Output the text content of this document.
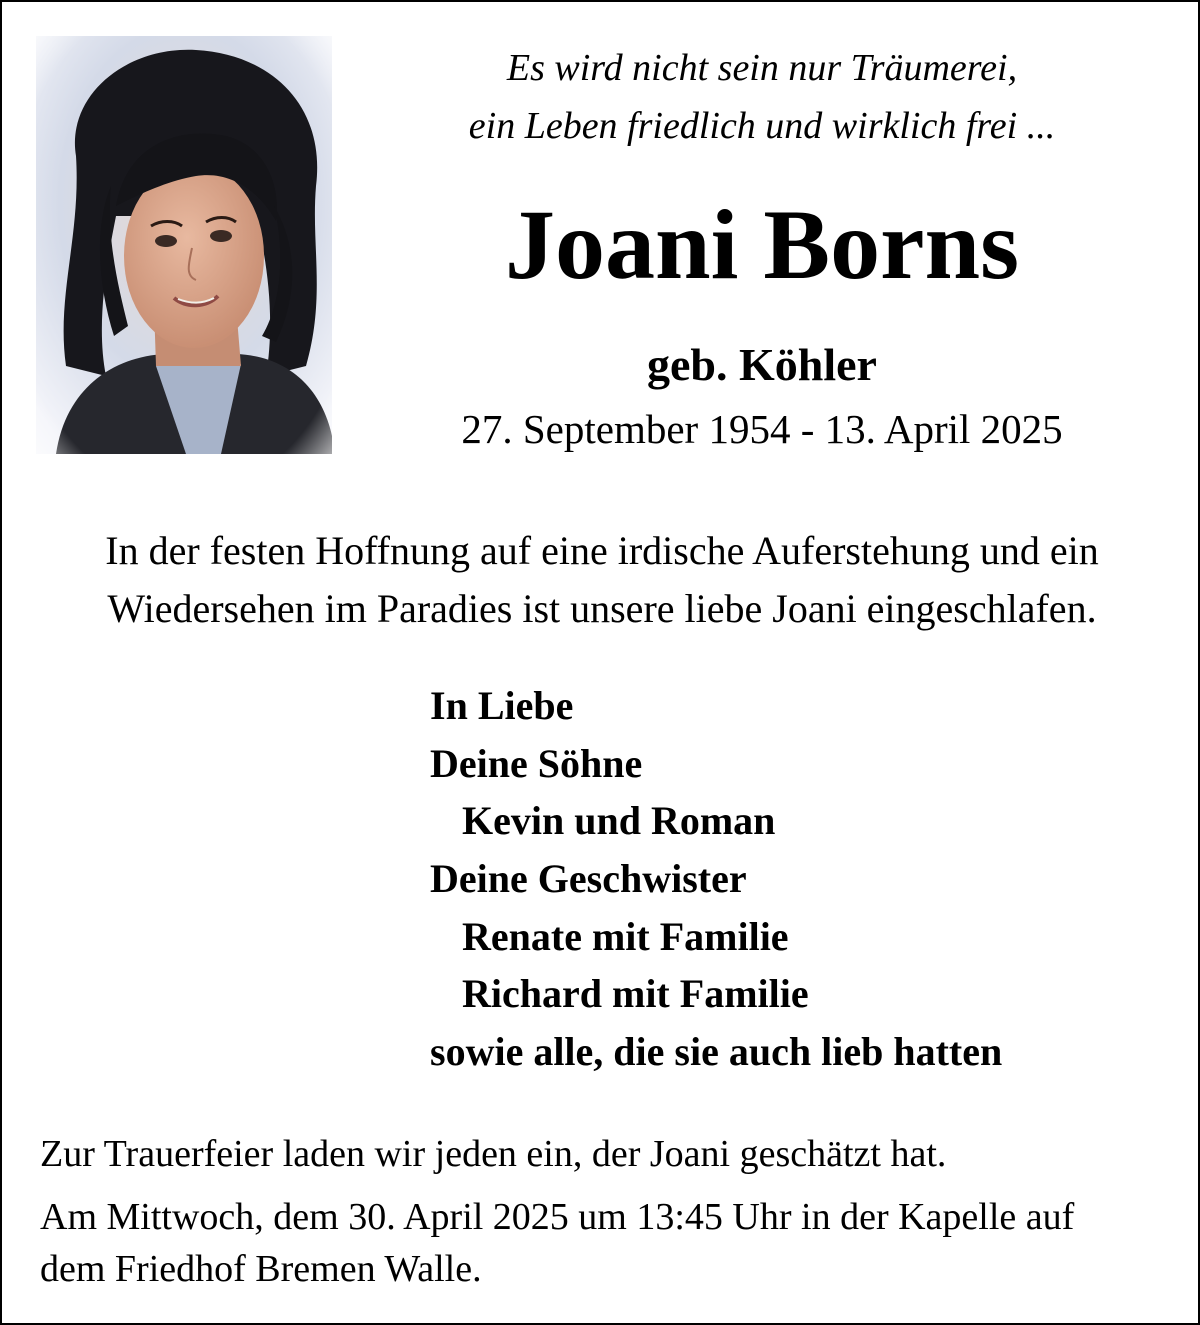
Es wird nicht sein nur Träumerei,

ein Leben friedlich und wirklich frei ...

Joani Borns

geb. Köhler

27. September 1954 - 13. April 2025

In der festen Hoffnung auf eine irdische Auferstehung und ein

Wiedersehen im Paradies ist unsere liebe Joani eingeschlafen.

In Liebe

Deine Söhne

Kevin und Roman

Deine Geschwister

Renate mit Familie

Richard mit Familie

sowie alle, die sie auch lieb hatten

Zur Trauerfeier laden wir jeden ein, der Joani geschätzt hat.

Am Mittwoch, dem 30. April 2025 um 13:45 Uhr in der Kapelle auf

dem Friedhof Bremen Walle.
